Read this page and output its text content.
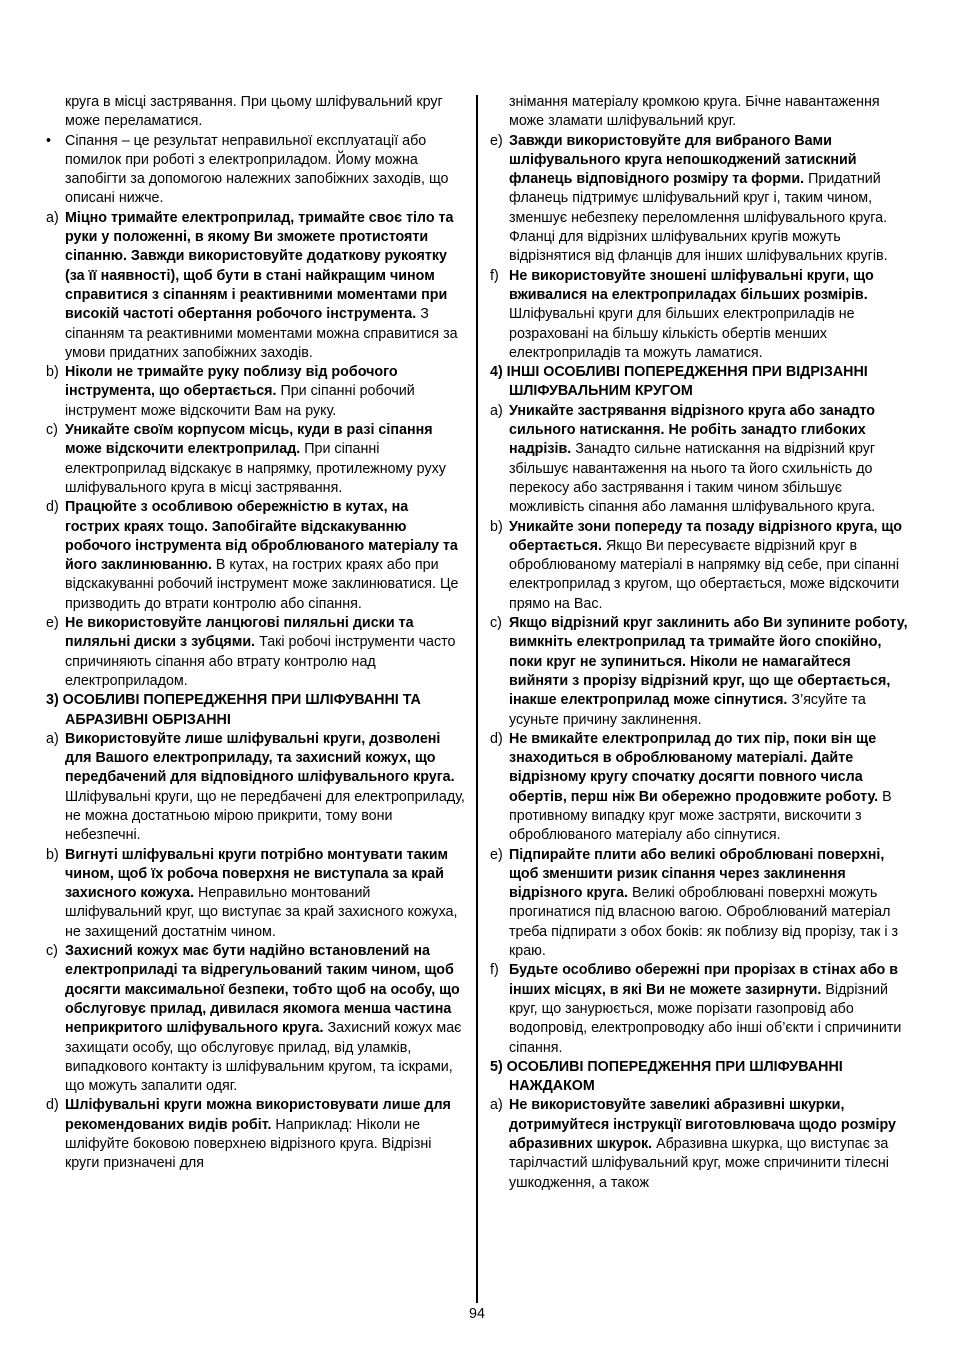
круга в місці застрявання. При цьому шліфувальний круг може переламатися.
• Сіпання – це результат неправильної експлуатації або помилок при роботі з електроприладом. Йому можна запобігти за допомогою належних запобіжних заходів, що описані нижче.
a) Міцно тримайте електроприлад, тримайте своє тіло та руки у положенні, в якому Ви зможете протистояти сіпанню. Завжди використовуйте додаткову рукоятку (за її наявності), щоб бути в стані найкращим чином справитися з сіпанням і реактивними моментами при високій частоті обертання робочого інструмента. З сіпанням та реактивними моментами можна справитися за умови придатних запобіжних заходів.
b) Ніколи не тримайте руку поблизу від робочого інструмента, що обертається. При сіпанні робочий інструмент може відскочити Вам на руку.
c) Уникайте своїм корпусом місць, куди в разі сіпання може відскочити електроприлад. При сіпанні електроприлад відскакує в напрямку, протилежному руху шліфувального круга в місці застрявання.
d) Працюйте з особливою обережністю в кутах, на гострих краях тощо. Запобігайте відскакуванню робочого інструмента від оброблюваного матеріалу та його заклинюванню. В кутах, на гострих краях або при відскакуванні робочий інструмент може заклинюватися. Це призводить до втрати контролю або сіпання.
e) Не використовуйте ланцюгові пиляльні диски та пиляльні диски з зубцями. Такі робочі інструменти часто спричиняють сіпання або втрату контролю над електроприладом.

3) ОСОБЛИВІ ПОПЕРЕДЖЕННЯ ПРИ ШЛІФУВАННІ ТА АБРАЗИВНІ ОБРІЗАННІ

a) Використовуйте лише шліфувальні круги, дозволені для Вашого електроприладу, та захисний кожух, що передбачений для відповідного шліфувального круга. Шліфувальні круги, що не передбачені для електроприладу, не можна достатньою мірою прикрити, тому вони небезпечні.
b) Вигнуті шліфувальні круги потрібно монтувати таким чином, щоб їх робоча поверхня не виступала за край захисного кожуха. Неправильно монтований шліфувальний круг, що виступає за край захисного кожуха, не захищений достатнім чином.
c) Захисний кожух має бути надійно встановлений на електроприладі та відрегульований таким чином, щоб досягти максимальної безпеки, тобто щоб на особу, що обслуговує прилад, дивилася якомога менша частина неприкритого шліфувального круга. Захисний кожух має захищати особу, що обслуговує прилад, від уламків, випадкового контакту із шліфувальним кругом, та іскрами, що можуть запалити одяг.
d) Шліфувальні круги можна використовувати лише для рекомендованих видів робіт. Наприклад: Ніколи не шліфуйте боковою поверхнею відрізного круга. Відрізні круги призначені для
знімання матеріалу кромкою круга. Бічне навантаження може зламати шліфувальний круг.
e) Завжди використовуйте для вибраного Вами шліфувального круга непошкоджений затискний фланець відповідного розміру та форми. Придатний фланець підтримує шліфувальний круг і, таким чином, зменшує небезпеку переломлення шліфувального круга. Фланці для відрізних шліфувальних кругів можуть відрізнятися від фланців для інших шліфувальних кругів.
f) Не використовуйте зношені шліфувальні круги, що вживалися на електроприладах більших розмірів. Шліфувальні круги для більших електроприладів не розраховані на більшу кількість обертів менших електроприладів та можуть ламатися.

4) ІНШІ ОСОБЛИВІ ПОПЕРЕДЖЕННЯ ПРИ ВІДРІЗАННІ ШЛІФУВАЛЬНИМ КРУГОМ

a) Уникайте застрявання відрізного круга або занадто сильного натискання. Не робіть занадто глибоких надрізів. Занадто сильне натискання на відрізний круг збільшує навантаження на нього та його схильність до перекосу або застрявання і таким чином збільшує можливість сіпання або ламання шліфувального круга.
b) Уникайте зони попереду та позаду відрізного круга, що обертається. Якщо Ви пересуваєте відрізний круг в оброблюваному матеріалі в напрямку від себе, при сіпанні електроприлад з кругом, що обертається, може відскочити прямо на Вас.
c) Якщо відрізний круг заклинить або Ви зупините роботу, вимкніть електроприлад та тримайте його спокійно, поки круг не зупиниться. Ніколи не намагайтеся вийняти з прорізу відрізний круг, що ще обертається, інакше електроприлад може сіпнутися. З’ясуйте та усуньте причину заклинення.
d) Не вмикайте електроприлад до тих пір, поки він ще знаходиться в оброблюваному матеріалі. Дайте відрізному кругу спочатку досягти повного числа обертів, перш ніж Ви обережно продовжите роботу. В противному випадку круг може застряти, вискочити з оброблюваного матеріалу або сіпнутися.
e) Підпирайте плити або великі оброблювані поверхні, щоб зменшити ризик сіпання через заклинення відрізного круга. Великі оброблювані поверхні можуть прогинатися під власною вагою. Оброблюваний матеріал треба підпирати з обох боків: як поблизу від прорізу, так і з краю.
f) Будьте особливо обережні при прорізах в стінах або в інших місцях, в які Ви не можете зазирнути. Відрізний круг, що занурюється, може порізати газопровід або водопровід, електропроводку або інші об’єкти і спричинити сіпання.

5) ОСОБЛИВІ ПОПЕРЕДЖЕННЯ ПРИ ШЛІФУВАННІ НАЖДАКОМ

a) Не використовуйте завеликі абразивні шкурки, дотримуйтеся інструкції виготовлювача щодо розміру абразивних шкурок. Абразивна шкурка, що виступає за тарілчастий шліфувальний круг, може спричинити тілесні ушкодження, а також
94
